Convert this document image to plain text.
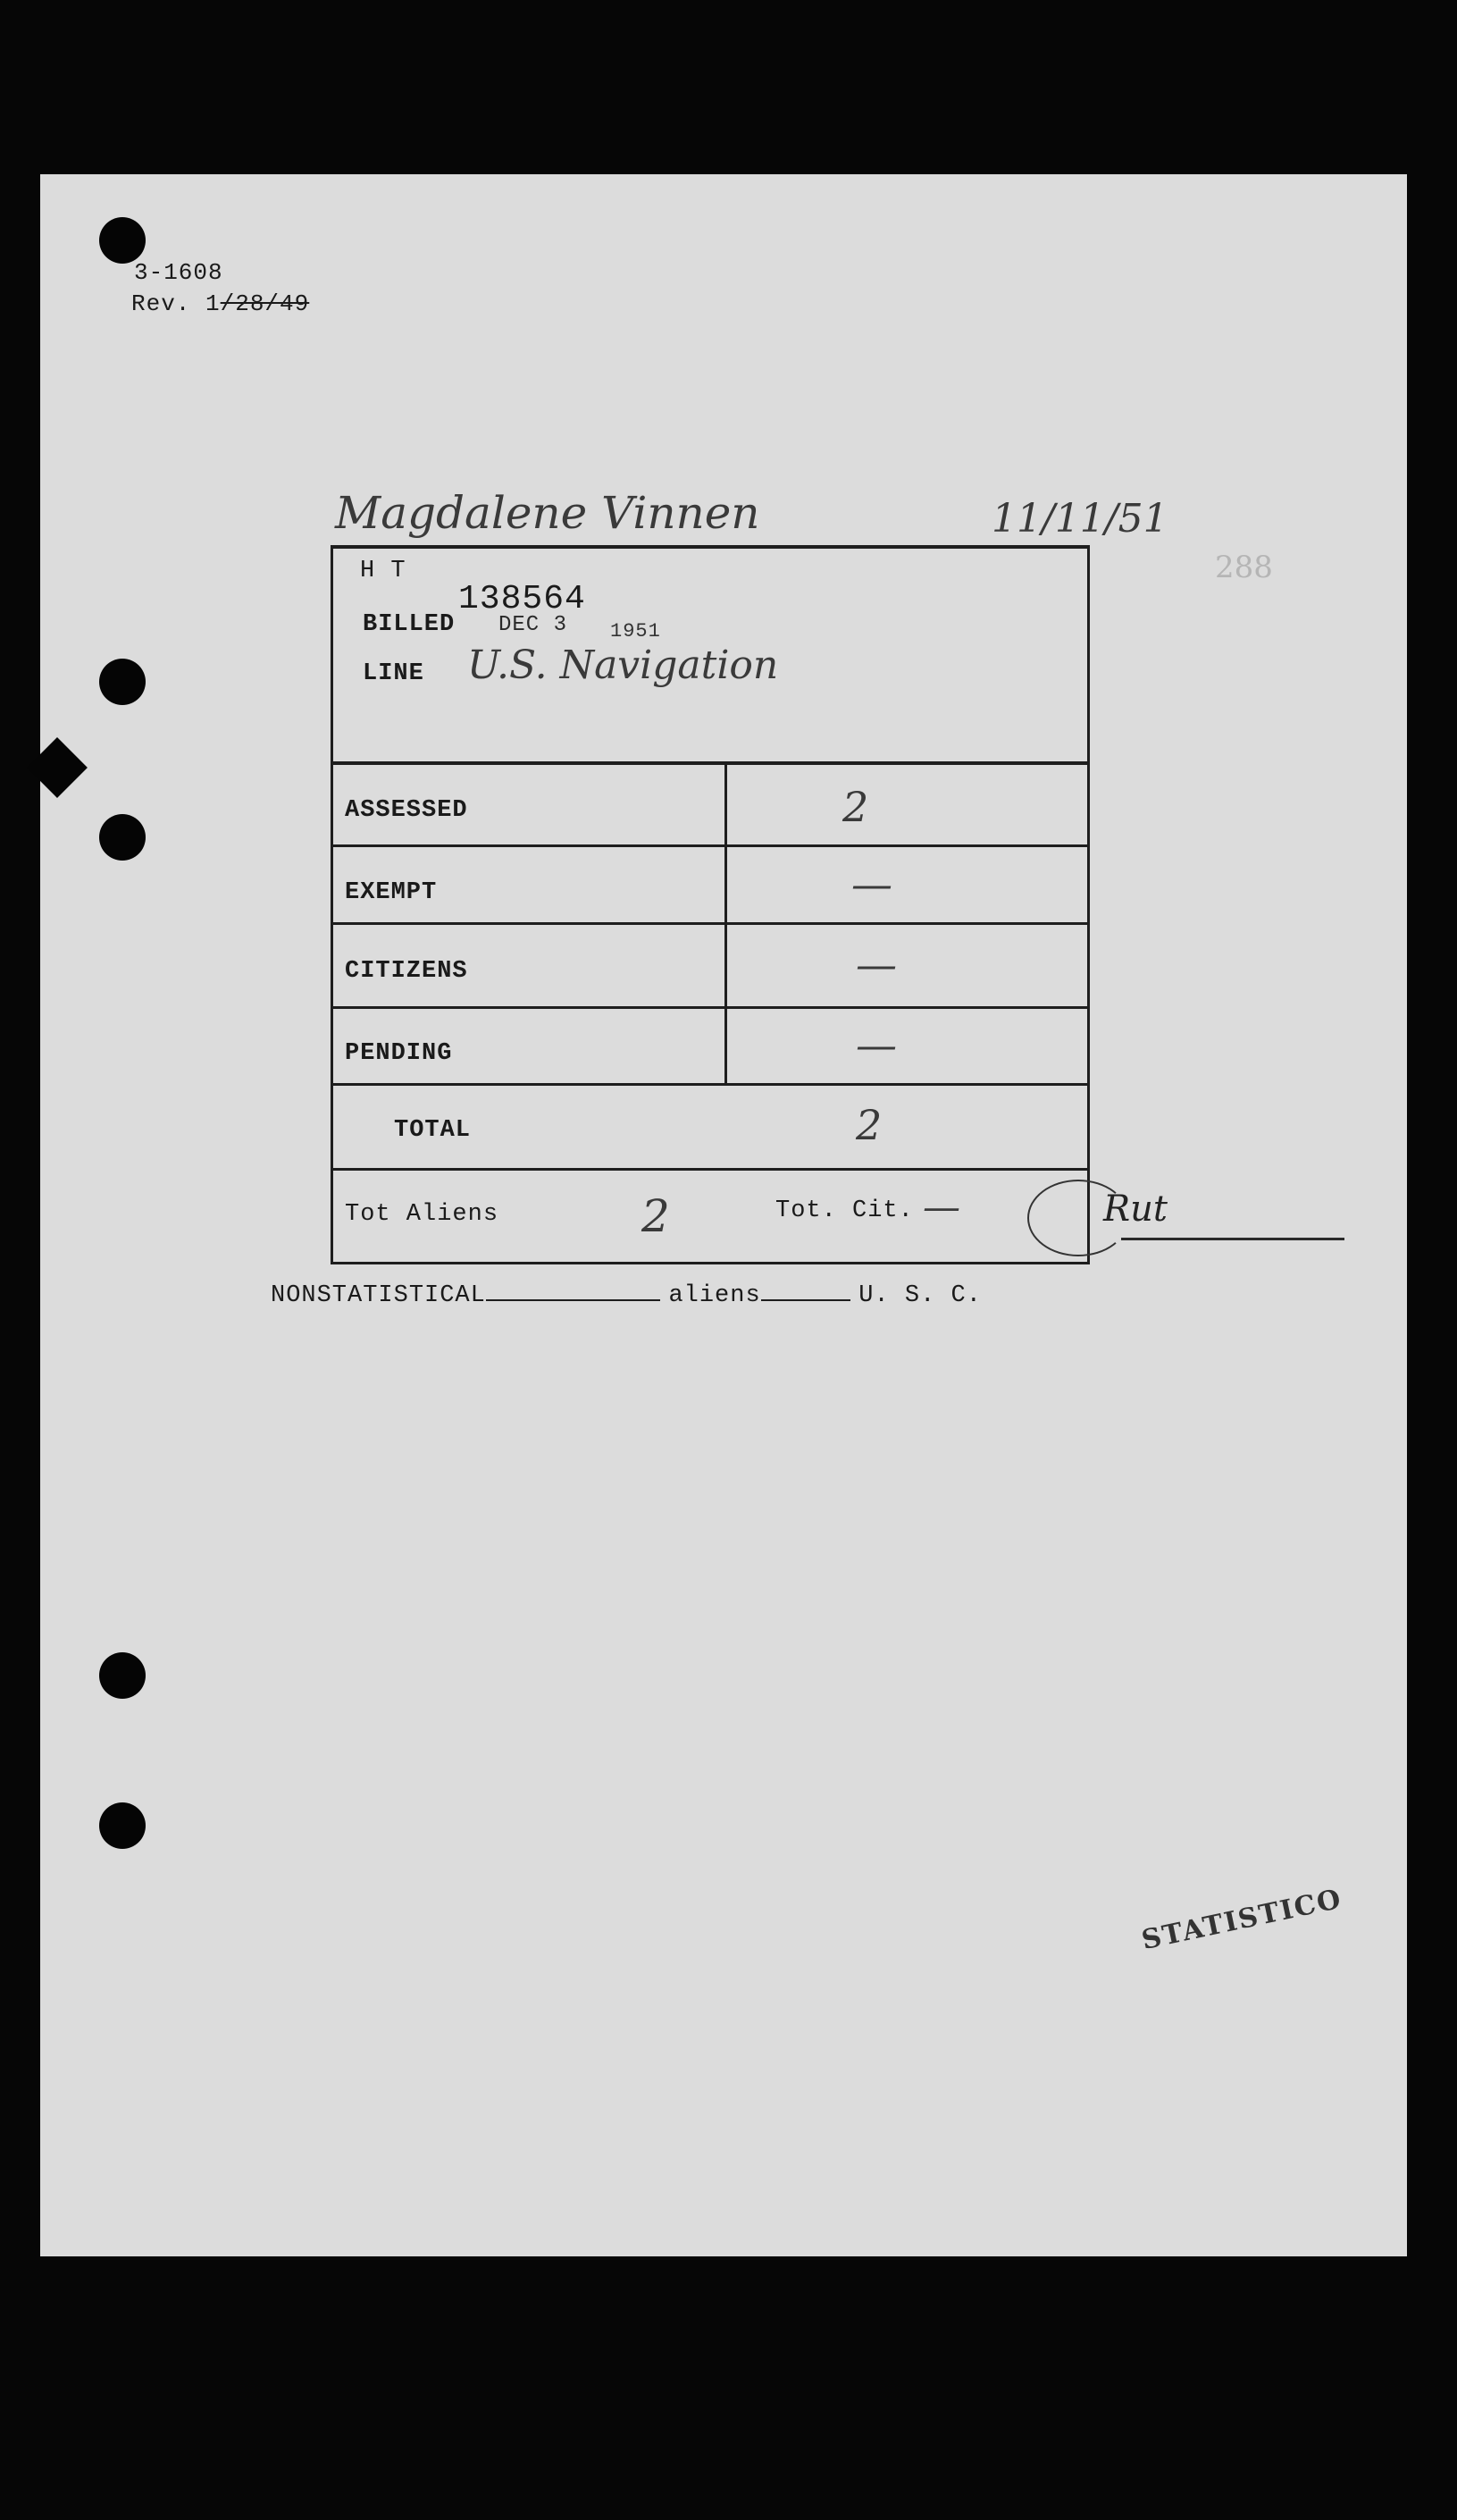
3-1608
Rev. 1/28/49
Magdalene Vinnen	11/11/51
288
H T
138564
BILLED DEC 3 1951
LINE U.S. Navigation
ASSESSED	2
EXEMPT	—
CITIZENS	—
PENDING	—
TOTAL	2
Tot Aliens	2	Tot. Cit. —	Rut
NONSTATISTICAL	aliens	U. S. C.
STATISTICO
